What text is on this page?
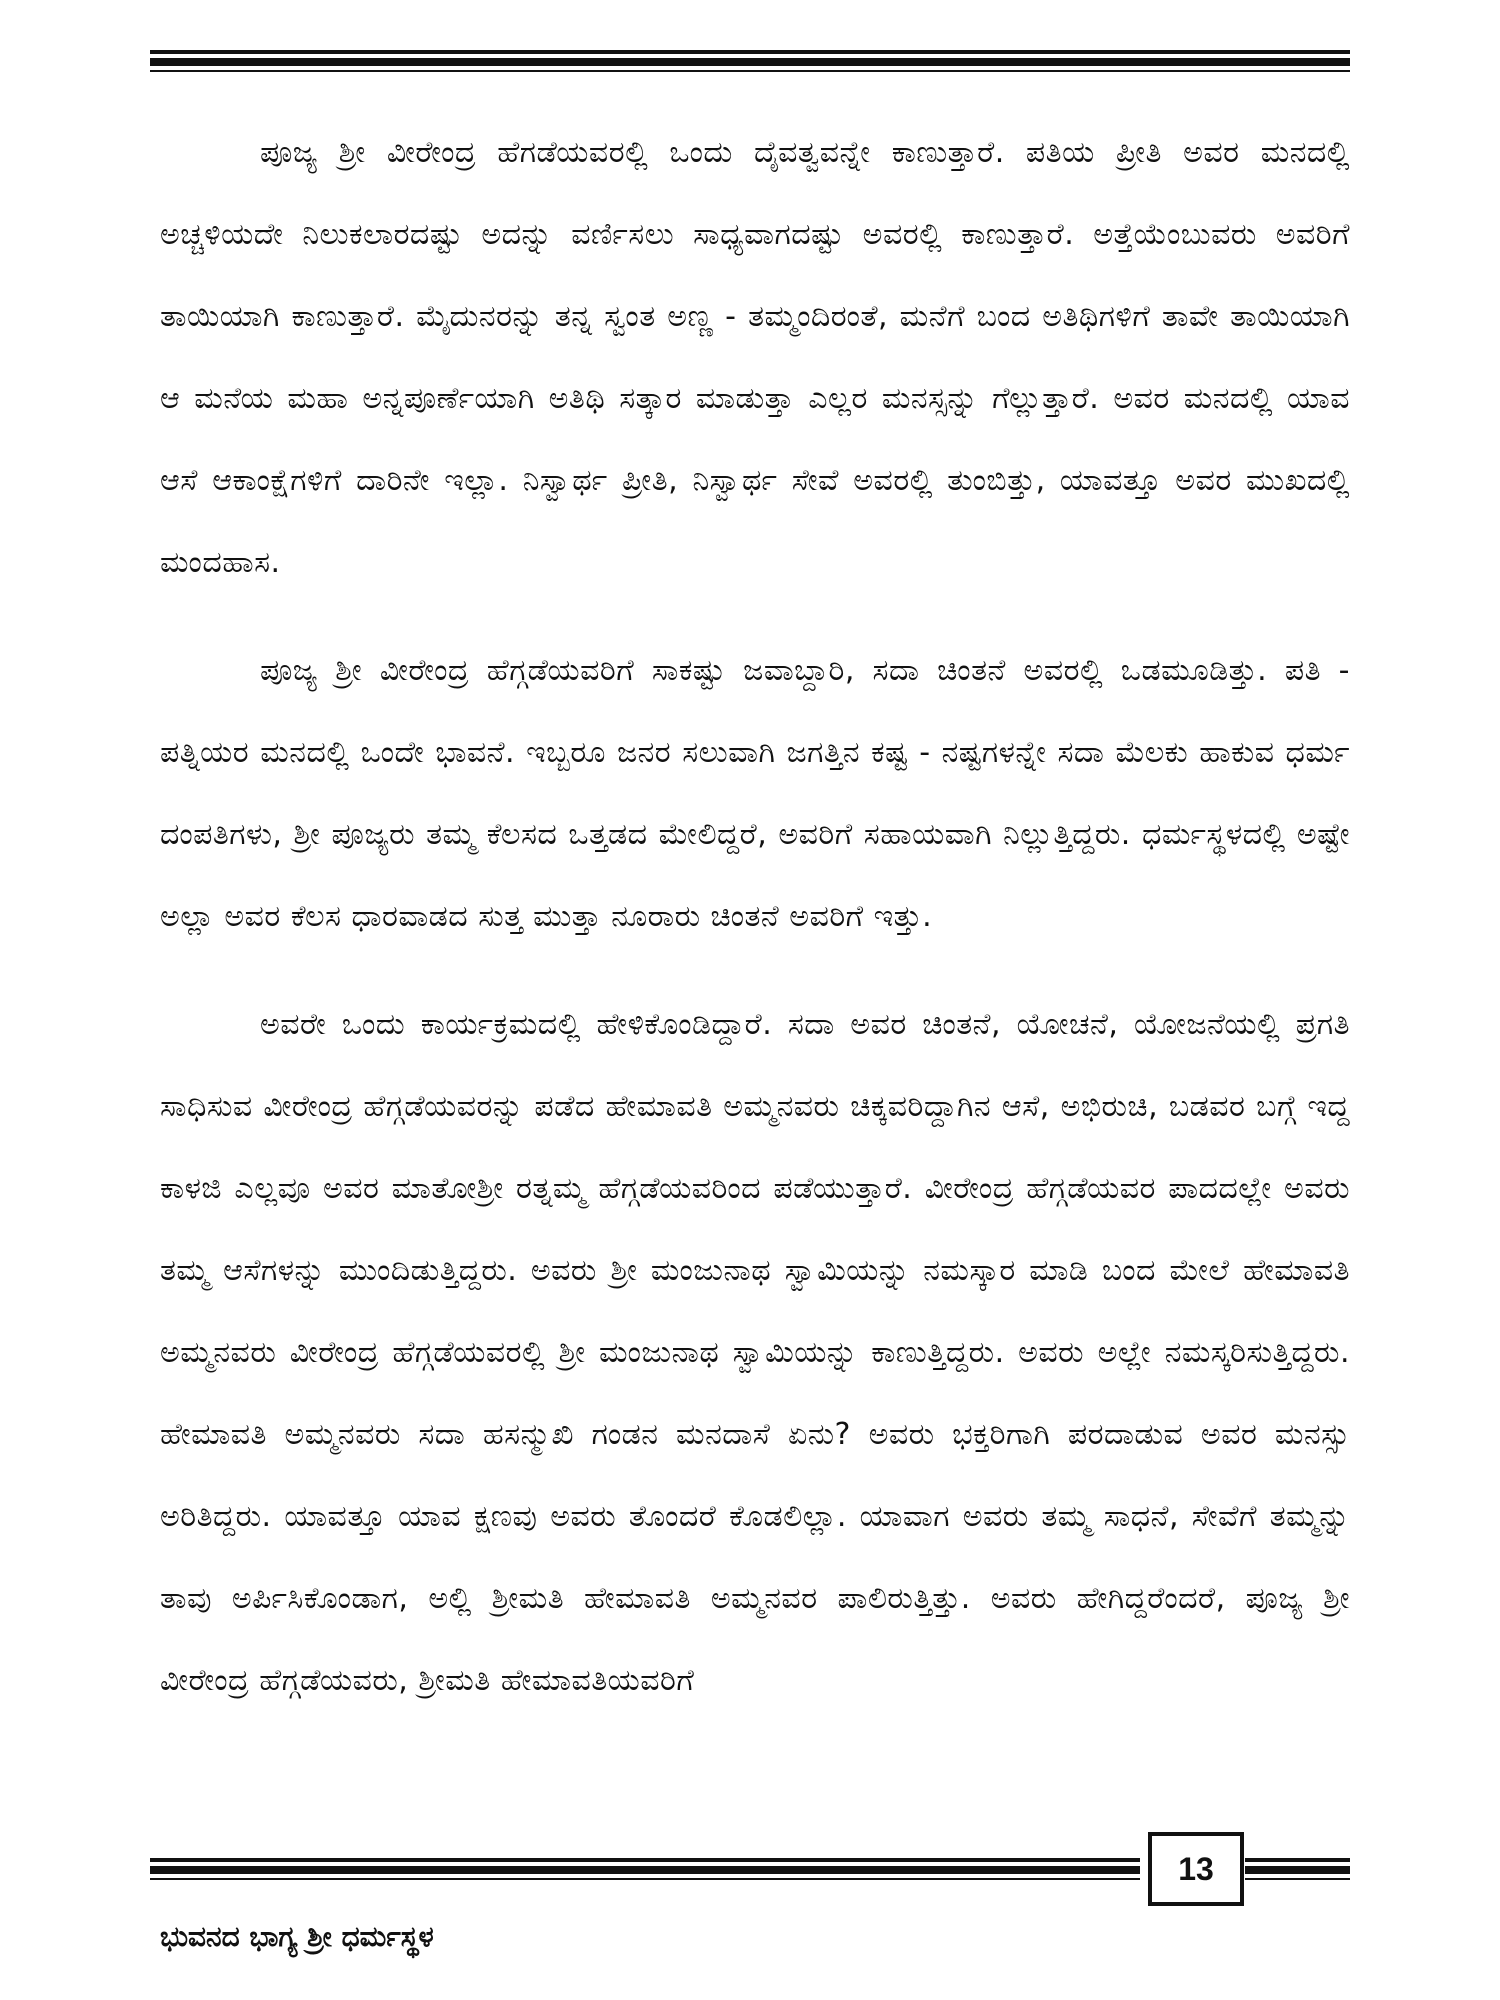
ಪೂಜ್ಯ ಶ್ರೀ ವೀರೇಂದ್ರ ಹೆಗಡೆಯವರಲ್ಲಿ ಒಂದು ದೈವತ್ವವನ್ನೇ ಕಾಣುತ್ತಾರೆ. ಪತಿಯ ಪ್ರೀತಿ ಅವರ ಮನದಲ್ಲಿ ಅಚ್ಚಳಿಯದೇ ನಿಲುಕಲಾರದಷ್ಟು ಅದನ್ನು ವರ್ಣಿಸಲು ಸಾಧ್ಯವಾಗದಷ್ಟು ಅವರಲ್ಲಿ ಕಾಣುತ್ತಾರೆ. ಅತ್ತೆಯೆಂಬುವರು ಅವರಿಗೆ ತಾಯಿಯಾಗಿ ಕಾಣುತ್ತಾರೆ. ಮೈದುನರನ್ನು ತನ್ನ ಸ್ವಂತ ಅಣ್ಣ - ತಮ್ಮಂದಿರಂತೆ, ಮನೆಗೆ ಬಂದ ಅತಿಥಿಗಳಿಗೆ ತಾವೇ ತಾಯಿಯಾಗಿ ಆ ಮನೆಯ ಮಹಾ ಅನ್ನಪೂರ್ಣೆಯಾಗಿ ಅತಿಥಿ ಸತ್ಕಾರ ಮಾಡುತ್ತಾ ಎಲ್ಲರ ಮನಸ್ಸನ್ನು ಗೆಲ್ಲುತ್ತಾರೆ. ಅವರ ಮನದಲ್ಲಿ ಯಾವ ಆಸೆ ಆಕಾಂಕ್ಷೆಗಳಿಗೆ ದಾರಿನೇ ಇಲ್ಲಾ. ನಿಸ್ವಾರ್ಥ ಪ್ರೀತಿ, ನಿಸ್ವಾರ್ಥ ಸೇವೆ ಅವರಲ್ಲಿ ತುಂಬಿತ್ತು, ಯಾವತ್ತೂ ಅವರ ಮುಖದಲ್ಲಿ ಮಂದಹಾಸ.

ಪೂಜ್ಯ ಶ್ರೀ ವೀರೇಂದ್ರ ಹೆಗ್ಗಡೆಯವರಿಗೆ ಸಾಕಷ್ಟು ಜವಾಬ್ದಾರಿ, ಸದಾ ಚಿಂತನೆ ಅವರಲ್ಲಿ ಒಡಮೂಡಿತ್ತು. ಪತಿ - ಪತ್ನಿಯರ ಮನದಲ್ಲಿ ಒಂದೇ ಭಾವನೆ. ಇಬ್ಬರೂ ಜನರ ಸಲುವಾಗಿ ಜಗತ್ತಿನ ಕಷ್ಟ - ನಷ್ಟಗಳನ್ನೇ ಸದಾ ಮೆಲಕು ಹಾಕುವ ಧರ್ಮ ದಂಪತಿಗಳು, ಶ್ರೀ ಪೂಜ್ಯರು ತಮ್ಮ ಕೆಲಸದ ಒತ್ತಡದ ಮೇಲಿದ್ದರೆ, ಅವರಿಗೆ ಸಹಾಯವಾಗಿ ನಿಲ್ಲುತ್ತಿದ್ದರು. ಧರ್ಮಸ್ಥಳದಲ್ಲಿ ಅಷ್ಟೇ ಅಲ್ಲಾ ಅವರ ಕೆಲಸ ಧಾರವಾಡದ ಸುತ್ತ ಮುತ್ತಾ ನೂರಾರು ಚಿಂತನೆ ಅವರಿಗೆ ಇತ್ತು.

ಅವರೇ ಒಂದು ಕಾರ್ಯಕ್ರಮದಲ್ಲಿ ಹೇಳಿಕೊಂಡಿದ್ದಾರೆ. ಸದಾ ಅವರ ಚಿಂತನೆ, ಯೋಚನೆ, ಯೋಜನೆಯಲ್ಲಿ ಪ್ರಗತಿ ಸಾಧಿಸುವ ವೀರೇಂದ್ರ ಹೆಗ್ಗಡೆಯವರನ್ನು ಪಡೆದ ಹೇಮಾವತಿ ಅಮ್ಮನವರು ಚಿಕ್ಕವರಿದ್ದಾಗಿನ ಆಸೆ, ಅಭಿರುಚಿ, ಬಡವರ ಬಗ್ಗೆ ಇದ್ದ ಕಾಳಜಿ ಎಲ್ಲವೂ ಅವರ ಮಾತೋಶ್ರೀ ರತ್ನಮ್ಮ ಹೆಗ್ಗಡೆಯವರಿಂದ ಪಡೆಯುತ್ತಾರೆ. ವೀರೇಂದ್ರ ಹೆಗ್ಗಡೆಯವರ ಪಾದದಲ್ಲೇ ಅವರು ತಮ್ಮ ಆಸೆಗಳನ್ನು ಮುಂದಿಡುತ್ತಿದ್ದರು. ಅವರು ಶ್ರೀ ಮಂಜುನಾಥ ಸ್ವಾಮಿಯನ್ನು ನಮಸ್ಕಾರ ಮಾಡಿ ಬಂದ ಮೇಲೆ ಹೇಮಾವತಿ ಅಮ್ಮನವರು ವೀರೇಂದ್ರ ಹೆಗ್ಗಡೆಯವರಲ್ಲಿ ಶ್ರೀ ಮಂಜುನಾಥ ಸ್ವಾಮಿಯನ್ನು ಕಾಣುತ್ತಿದ್ದರು. ಅವರು ಅಲ್ಲೇ ನಮಸ್ಕರಿಸುತ್ತಿದ್ದರು. ಹೇಮಾವತಿ ಅಮ್ಮನವರು ಸದಾ ಹಸನ್ಮುಖಿ ಗಂಡನ ಮನದಾಸೆ ಏನು? ಅವರು ಭಕ್ತರಿಗಾಗಿ ಪರದಾಡುವ ಅವರ ಮನಸ್ಸು ಅರಿತಿದ್ದರು. ಯಾವತ್ತೂ ಯಾವ ಕ್ಷಣವು ಅವರು ತೊಂದರೆ ಕೊಡಲಿಲ್ಲಾ. ಯಾವಾಗ ಅವರು ತಮ್ಮ ಸಾಧನೆ, ಸೇವೆಗೆ ತಮ್ಮನ್ನು ತಾವು ಅರ್ಪಿಸಿಕೊಂಡಾಗ, ಅಲ್ಲಿ ಶ್ರೀಮತಿ ಹೇಮಾವತಿ ಅಮ್ಮನವರ ಪಾಲಿರುತ್ತಿತ್ತು. ಅವರು ಹೇಗಿದ್ದರೆಂದರೆ, ಪೂಜ್ಯ ಶ್ರೀ ವೀರೇಂದ್ರ ಹೆಗ್ಗಡೆಯವರು, ಶ್ರೀಮತಿ ಹೇಮಾವತಿಯವರಿಗೆ

13
ಭುವನದ ಭಾಗ್ಯ ಶ್ರೀ ಧರ್ಮಸ್ಥಳ
